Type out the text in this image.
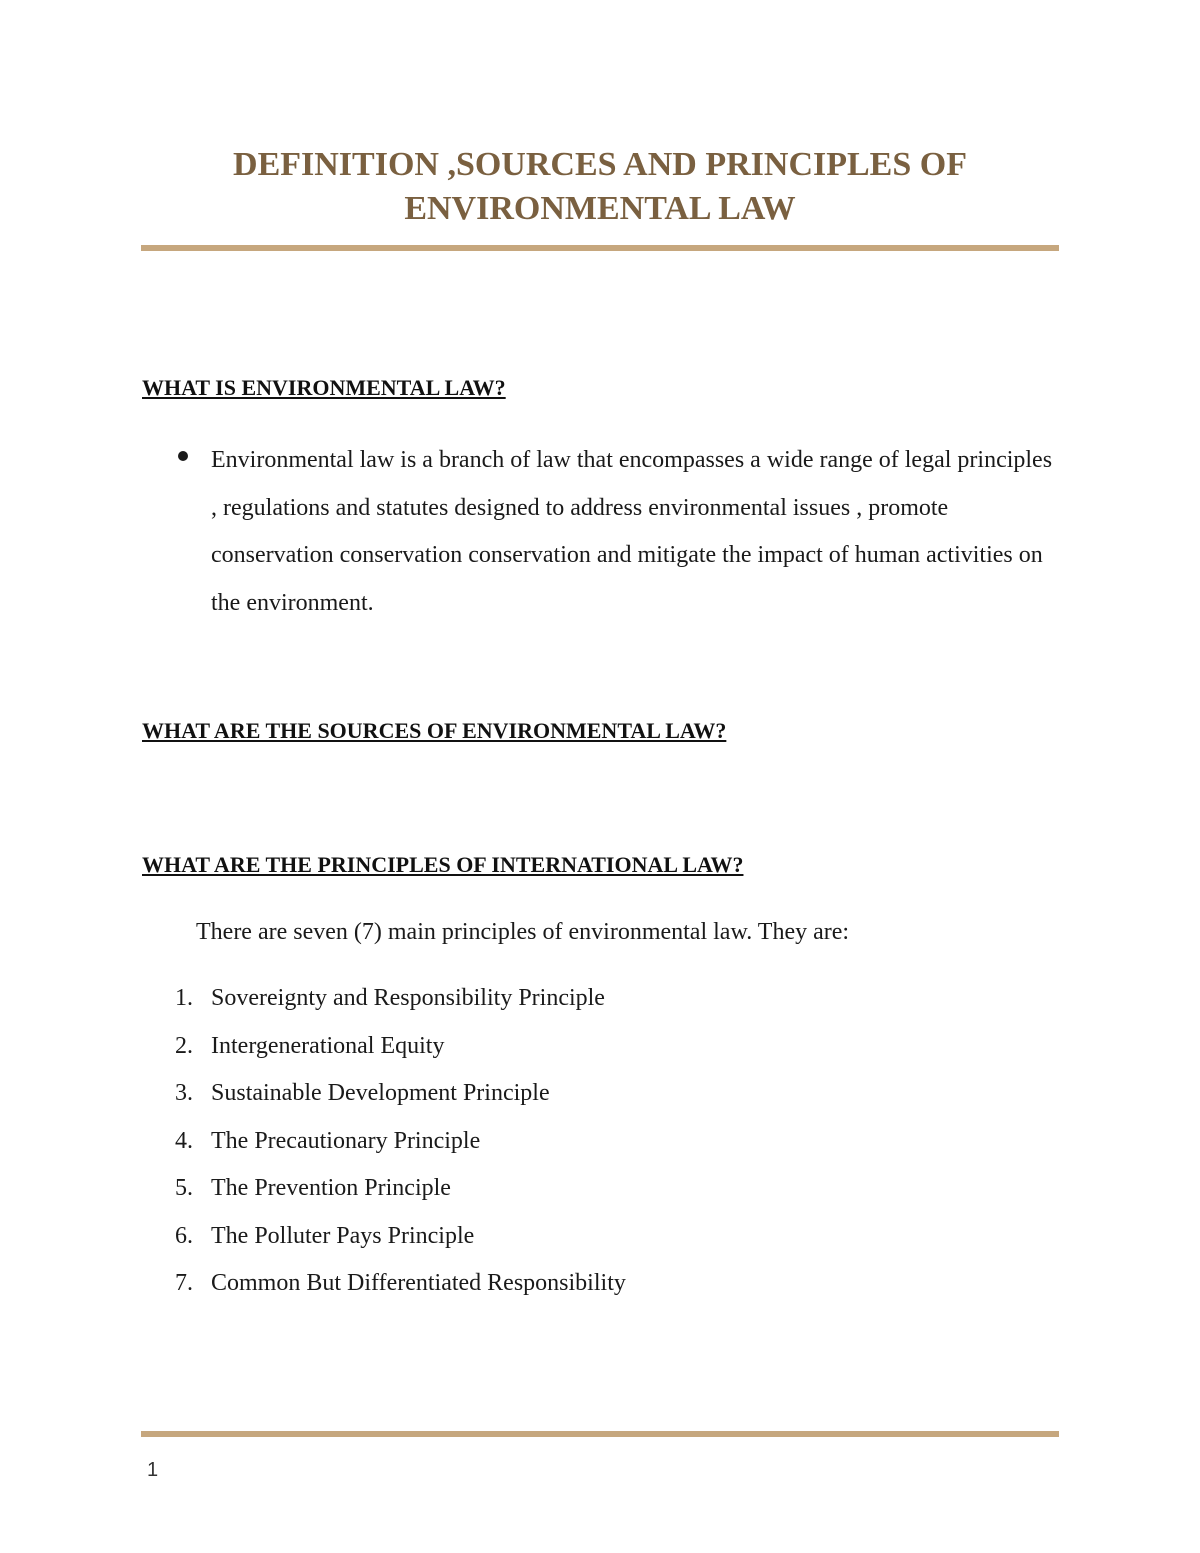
DEFINITION ,SOURCES AND PRINCIPLES OF
ENVIRONMENTAL LAW
WHAT IS ENVIRONMENTAL LAW?

Environmental law is a branch of law that encompasses a wide range of legal principles , regulations and statutes designed to address environmental issues , promote conservation conservation conservation and mitigate the impact of human activities on the environment.

WHAT ARE THE SOURCES OF ENVIRONMENTAL LAW?
WHAT ARE THE PRINCIPLES OF INTERNATIONAL LAW?

There are seven (7) main principles of environmental law. They are:

1. Sovereignty and Responsibility Principle
2. Intergenerational Equity
3. Sustainable Development Principle
4. The Precautionary Principle
5. The Prevention Principle
6. The Polluter Pays Principle
7. Common But Differentiated Responsibility

1
